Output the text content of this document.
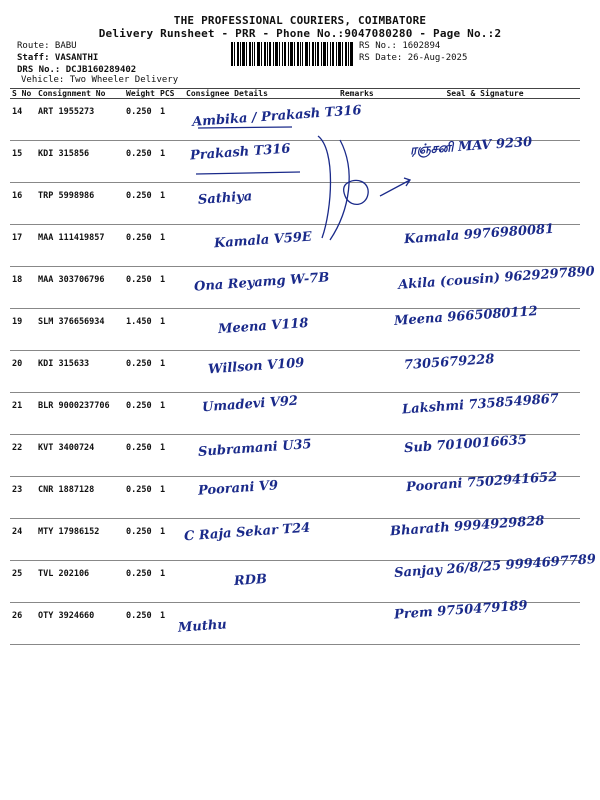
THE PROFESSIONAL COURIERS, COIMBATORE
Delivery Runsheet - PRR - Phone No.:9047080280 - Page No.:2
Route: BABU
Staff: VASANTHI
DRS No.: DCJB160289402
Vehicle: Two Wheeler Delivery
RS No.: 1602894
RS Date: 26-Aug-2025
S No	Consignment No	Weight	PCS	Consignee Details	Remarks	Seal & Signature
14	ART 1955273	0.250	1	Ambika / Prakash T316		

15	KDI 315856	0.250	1	Prakash T316		ரஞ்சனி MAV 9230

16	TRP 5998986	0.250	1	Sathiya		

17	MAA 111419857	0.250	1	Kamala V59E		Kamala 9976980081

18	MAA 303706796	0.250	1	Ona Reyamg W-7B		Akila (cousin) 9629297890

19	SLM 376656934	1.450	1	Meena V118		Meena 9665080112

20	KDI 315633	0.250	1	Willson V109		7305679228

21	BLR 9000237706	0.250	1	Umadevi V92		Lakshmi 7358549867

22	KVT 3400724	0.250	1	Subramani U35		Sub 7010016635

23	CNR 1887128	0.250	1	Poorani V9		Poorani 7502941652

24	MTY 17986152	0.250	1	C Raja Sekar T24		Bharath 9994929828

25	TVL 202106	0.250	1	RDB		Sanjay 26/8/25 9994697789

26	OTY 3924660	0.250	1	Muthu		Prem 9750479189
